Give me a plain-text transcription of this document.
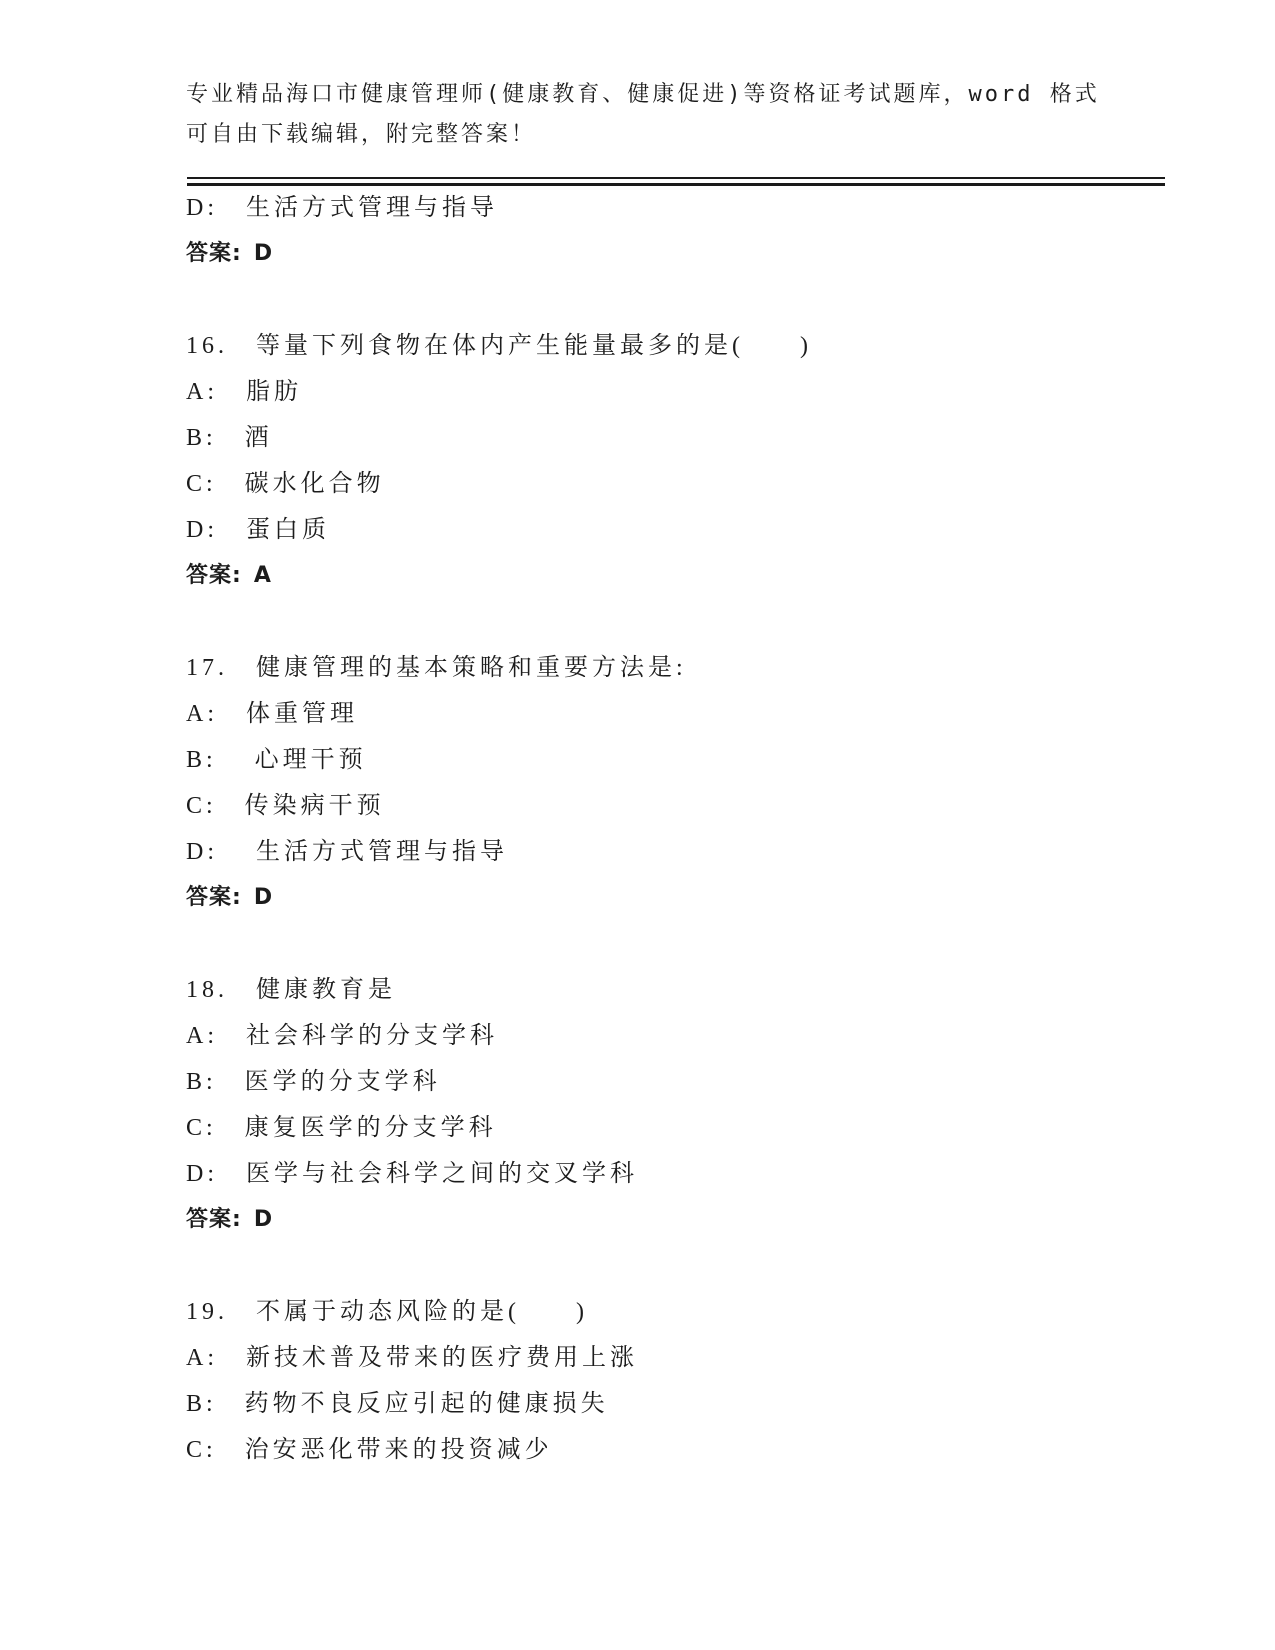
专业精品海口市健康管理师(健康教育、健康促进)等资格证考试题库，word 格式
可自由下载编辑，附完整答案！

D:　生活方式管理与指导

答案: D

16.　等量下列食物在体内产生能量最多的是(　　)

A:　脂肪

B:　酒

C:　碳水化合物

D:　蛋白质

答案: A

17.　健康管理的基本策略和重要方法是:

A:　体重管理

B:　 心理干预

C:　传染病干预

D:　 生活方式管理与指导

答案: D

18.　健康教育是

A:　社会科学的分支学科

B:　医学的分支学科

C:　康复医学的分支学科

D:　医学与社会科学之间的交叉学科

答案: D

19.　不属于动态风险的是(　　)

A:　新技术普及带来的医疗费用上涨

B:　药物不良反应引起的健康损失

C:　治安恶化带来的投资减少
